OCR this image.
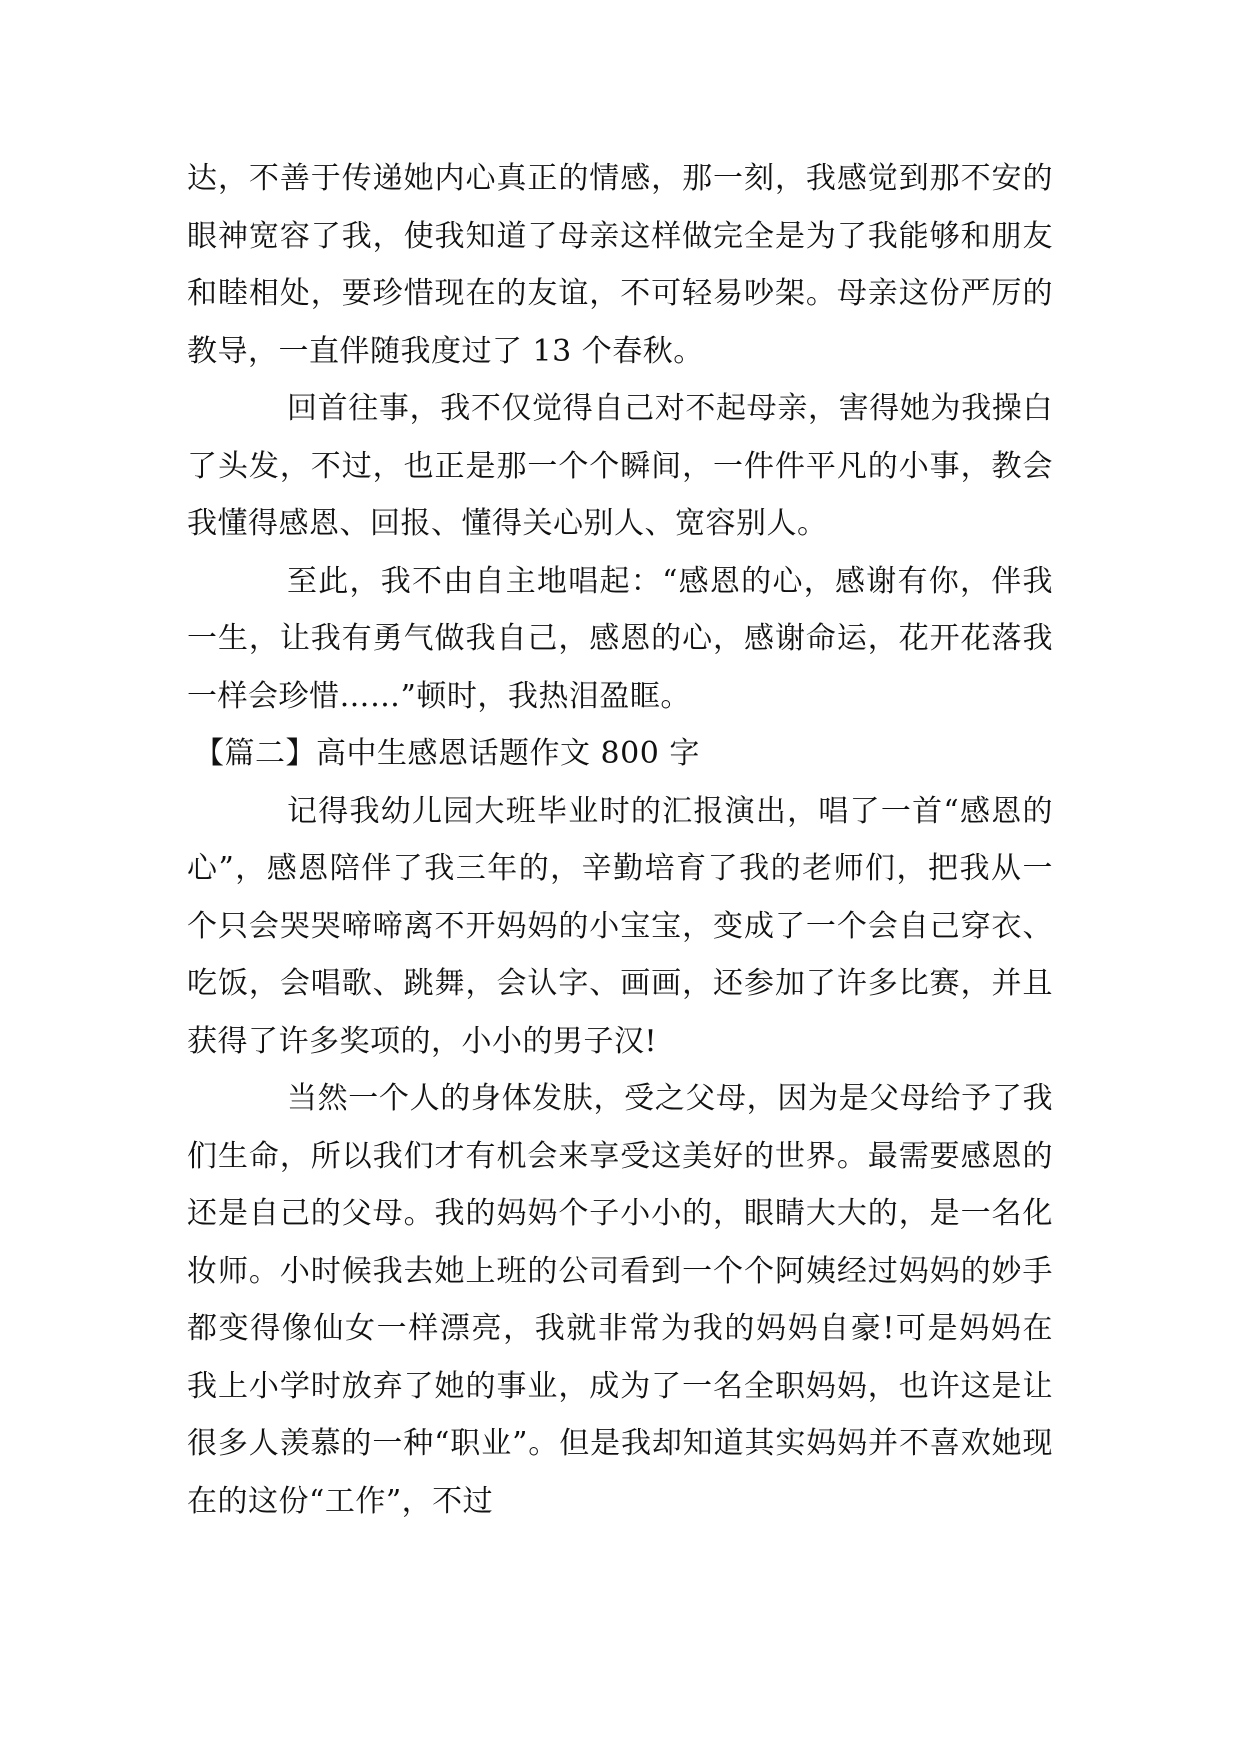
达，不善于传递她内心真正的情感，那一刻，我感觉到那不安的眼神宽容了我，使我知道了母亲这样做完全是为了我能够和朋友和睦相处，要珍惜现在的友谊，不可轻易吵架。母亲这份严厉的教导，一直伴随我度过了 13 个春秋。

回首往事，我不仅觉得自己对不起母亲，害得她为我操白了头发，不过，也正是那一个个瞬间，一件件平凡的小事，教会我懂得感恩、回报、懂得关心别人、宽容别人。

至此，我不由自主地唱起：“感恩的心，感谢有你，伴我一生，让我有勇气做我自己，感恩的心，感谢命运，花开花落我一样会珍惜……”顿时，我热泪盈眶。

【篇二】高中生感恩话题作文 800 字

记得我幼儿园大班毕业时的汇报演出，唱了一首“感恩的心”，感恩陪伴了我三年的，辛勤培育了我的老师们，把我从一个只会哭哭啼啼离不开妈妈的小宝宝，变成了一个会自己穿衣、吃饭，会唱歌、跳舞，会认字、画画，还参加了许多比赛，并且获得了许多奖项的，小小的男子汉!

当然一个人的身体发肤，受之父母，因为是父母给予了我们生命，所以我们才有机会来享受这美好的世界。最需要感恩的还是自己的父母。我的妈妈个子小小的，眼睛大大的，是一名化妆师。小时候我去她上班的公司看到一个个阿姨经过妈妈的妙手都变得像仙女一样漂亮，我就非常为我的妈妈自豪!可是妈妈在我上小学时放弃了她的事业，成为了一名全职妈妈，也许这是让很多人羡慕的一种“职业”。但是我却知道其实妈妈并不喜欢她现在的这份“工作”，不过
